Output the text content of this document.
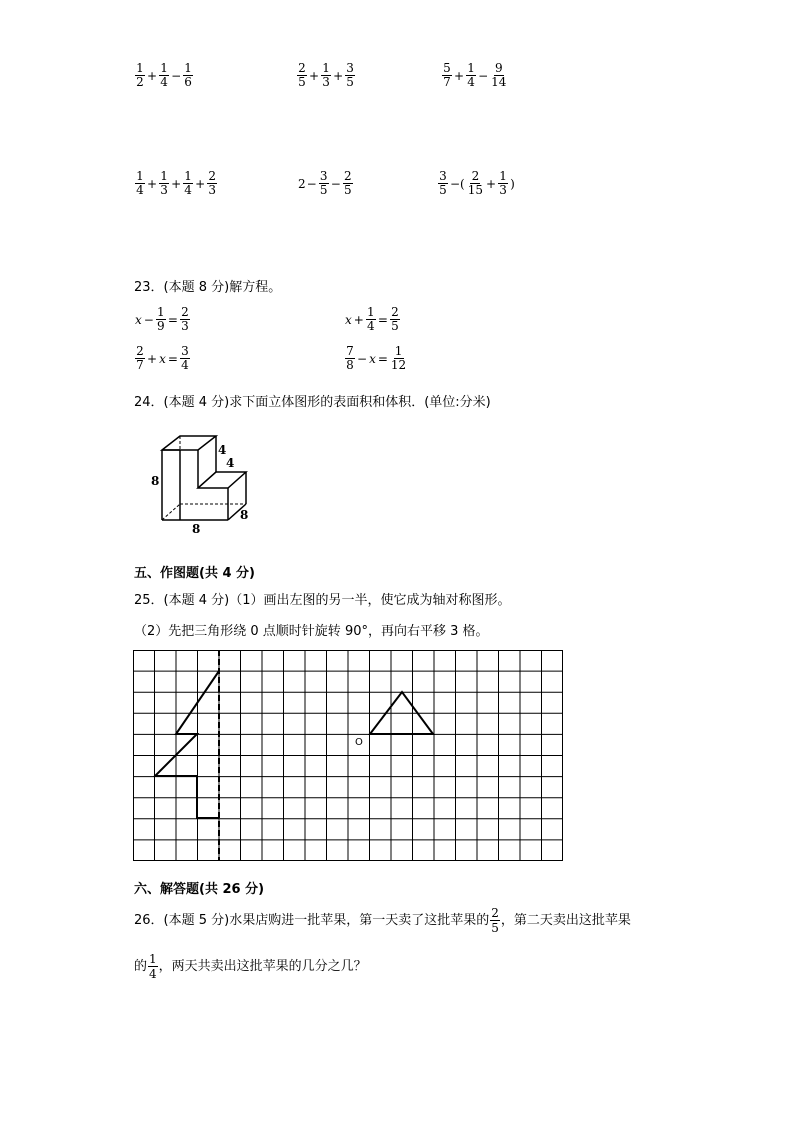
$\frac{1}{2} + \frac{1}{4} - \frac{1}{6}$	$\frac{2}{5} + \frac{1}{3} + \frac{3}{5}$	$\frac{5}{7} + \frac{1}{4} - \frac{9}{14}$
$\frac{1}{4} + \frac{1}{3} + \frac{1}{4} + \frac{2}{3}$	$2 - \frac{3}{5} - \frac{2}{5}$	$\frac{3}{5}$ −( $\frac{2}{15} + \frac{1}{3}$ )
23．(本题 8 分)解方程。
$x - \frac{1}{9} = \frac{2}{3}$	$x + \frac{1}{4} = \frac{2}{5}$
$\frac{2}{7} + x = \frac{3}{4}$	$\frac{7}{8} - x = \frac{1}{12}$
24．(本题 4 分)求下面立体图形的表面积和体积．(单位:分米)
4
4
8
8
8
五、作图题(共 4 分)
25．(本题 4 分)（1）画出左图的另一半，使它成为轴对称图形。
（2）先把三角形绕 0 点顺时针旋转 90°，再向右平移 3 格。
O
六、解答题(共 26 分)
26．(本题 5 分)水果店购进一批苹果，第一天卖了这批苹果的 $\frac{2}{5}$ ，第二天卖出这批苹果
的 $\frac{1}{4}$ ，两天共卖出这批苹果的几分之几？
